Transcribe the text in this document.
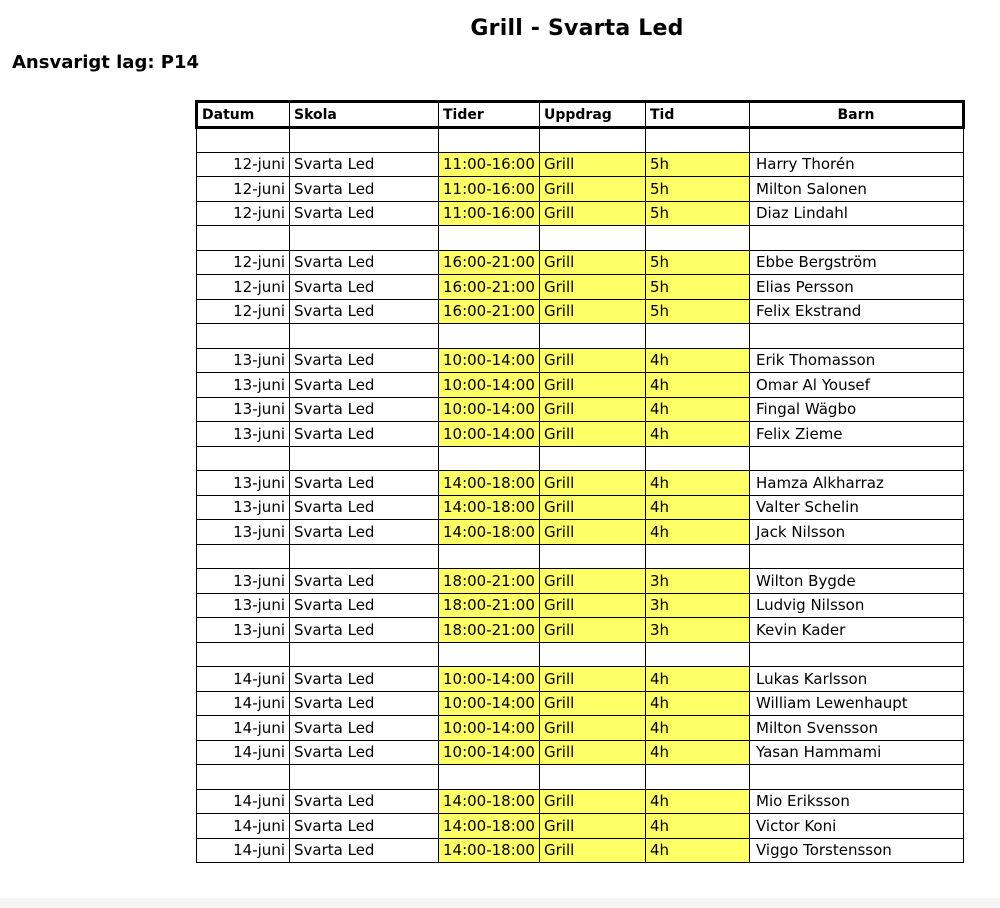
Grill - Svarta Led
Ansvarigt lag: P14
Datum	Skola	Tider	Uppdrag	Tid	Barn

12-juni	Svarta Led	11:00-16:00	Grill	5h	Harry Thorén
12-juni	Svarta Led	11:00-16:00	Grill	5h	Milton Salonen
12-juni	Svarta Led	11:00-16:00	Grill	5h	Diaz Lindahl

12-juni	Svarta Led	16:00-21:00	Grill	5h	Ebbe Bergström
12-juni	Svarta Led	16:00-21:00	Grill	5h	Elias Persson
12-juni	Svarta Led	16:00-21:00	Grill	5h	Felix Ekstrand

13-juni	Svarta Led	10:00-14:00	Grill	4h	Erik Thomasson
13-juni	Svarta Led	10:00-14:00	Grill	4h	Omar Al Yousef
13-juni	Svarta Led	10:00-14:00	Grill	4h	Fingal Wägbo
13-juni	Svarta Led	10:00-14:00	Grill	4h	Felix Zieme

13-juni	Svarta Led	14:00-18:00	Grill	4h	Hamza Alkharraz
13-juni	Svarta Led	14:00-18:00	Grill	4h	Valter Schelin
13-juni	Svarta Led	14:00-18:00	Grill	4h	Jack Nilsson

13-juni	Svarta Led	18:00-21:00	Grill	3h	Wilton Bygde
13-juni	Svarta Led	18:00-21:00	Grill	3h	Ludvig Nilsson
13-juni	Svarta Led	18:00-21:00	Grill	3h	Kevin Kader

14-juni	Svarta Led	10:00-14:00	Grill	4h	Lukas Karlsson
14-juni	Svarta Led	10:00-14:00	Grill	4h	William Lewenhaupt
14-juni	Svarta Led	10:00-14:00	Grill	4h	Milton Svensson
14-juni	Svarta Led	10:00-14:00	Grill	4h	Yasan Hammami

14-juni	Svarta Led	14:00-18:00	Grill	4h	Mio Eriksson
14-juni	Svarta Led	14:00-18:00	Grill	4h	Victor Koni
14-juni	Svarta Led	14:00-18:00	Grill	4h	Viggo Torstensson
